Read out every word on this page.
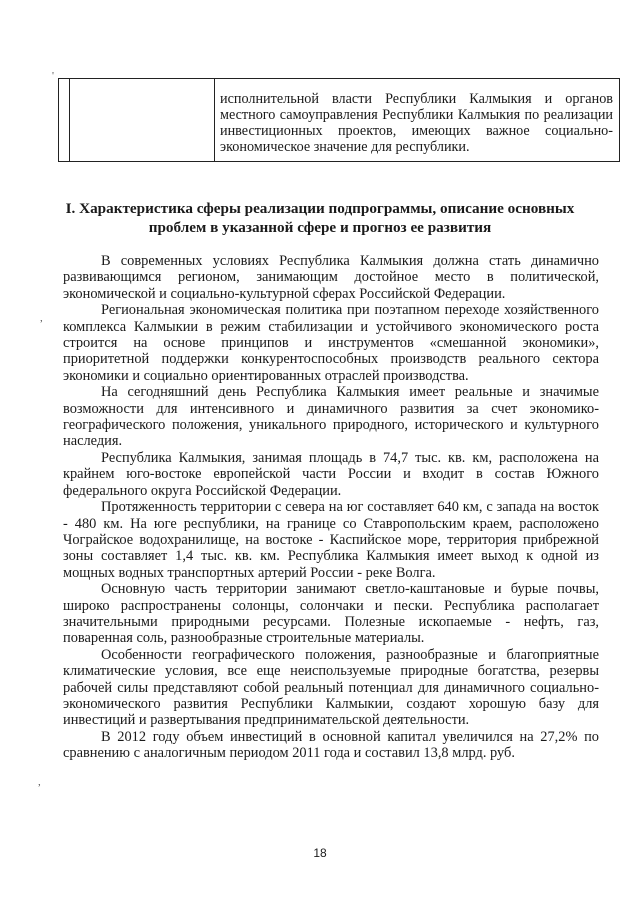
'
,
,
исполнительной власти Республики Калмыкия и органов местного самоуправления Республики Калмыкия по реализации инвестиционных проектов, имеющих важное социально-экономическое значение для республики.
I. Характеристика сферы реализации подпрограммы, описание основных проблем в указанной сфере и прогноз ее развития

В современных условиях Республика Калмыкия должна стать динамично развивающимся регионом, занимающим достойное место в политической, экономической и социально-культурной сферах Российской Федерации.

Региональная экономическая политика при поэтапном переходе хозяйственного комплекса Калмыкии в режим стабилизации и устойчивого экономического роста строится на основе принципов и инструментов «смешанной экономики», приоритетной поддержки конкурентоспособных производств реального сектора экономики и социально ориентированных отраслей производства.

На сегодняшний день Республика Калмыкия имеет реальные и значимые возможности для интенсивного и динамичного развития за счет экономико-географического положения, уникального природного, исторического и культурного наследия.

Республика Калмыкия, занимая площадь в 74,7 тыс. кв. км, расположена на крайнем юго-востоке европейской части России и входит в состав Южного федерального округа Российской Федерации.

Протяженность территории с севера на юг составляет 640 км, с запада на восток - 480 км. На юге республики, на границе со Ставропольским краем, расположено Чограйское водохранилище, на востоке - Каспийское море, территория прибрежной зоны составляет 1,4 тыс. кв. км. Республика Калмыкия имеет выход к одной из мощных водных транспортных артерий России - реке Волга.

Основную часть территории занимают светло-каштановые и бурые почвы, широко распространены солонцы, солончаки и пески. Республика располагает значительными природными ресурсами. Полезные ископаемые - нефть, газ, поваренная соль, разнообразные строительные материалы.

Особенности географического положения, разнообразные и благоприятные климатические условия, все еще неиспользуемые природные богатства, резервы рабочей силы представляют собой реальный потенциал для динамичного социально-экономического развития Республики Калмыкии, создают хорошую базу для инвестиций и развертывания предпринимательской деятельности.

В 2012 году объем инвестиций в основной капитал увеличился на 27,2% по сравнению с аналогичным периодом 2011 года и составил 13,8 млрд. руб.

18
